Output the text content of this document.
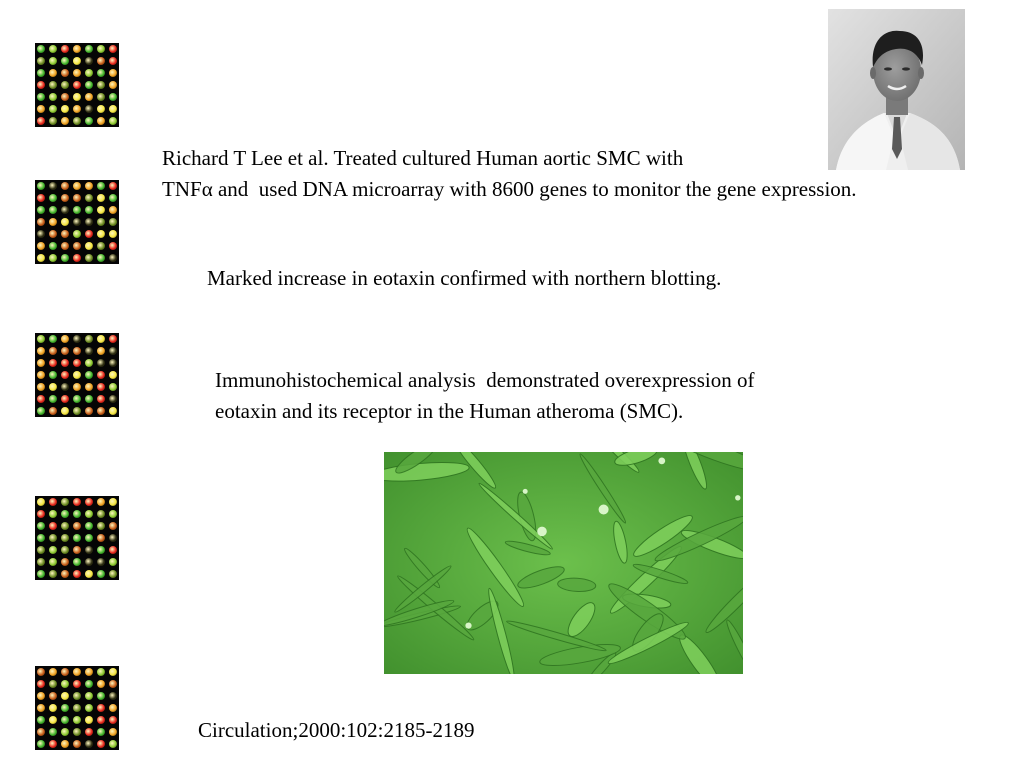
Richard T Lee et al. Treated cultured Human aortic SMC with
TNFα and  used DNA microarray with 8600 genes to monitor the gene expression.
Marked increase in eotaxin confirmed with northern blotting.
Immunohistochemical analysis  demonstrated overexpression of
eotaxin and its receptor in the Human atheroma (SMC).
Circulation;2000:102:2185-2189
